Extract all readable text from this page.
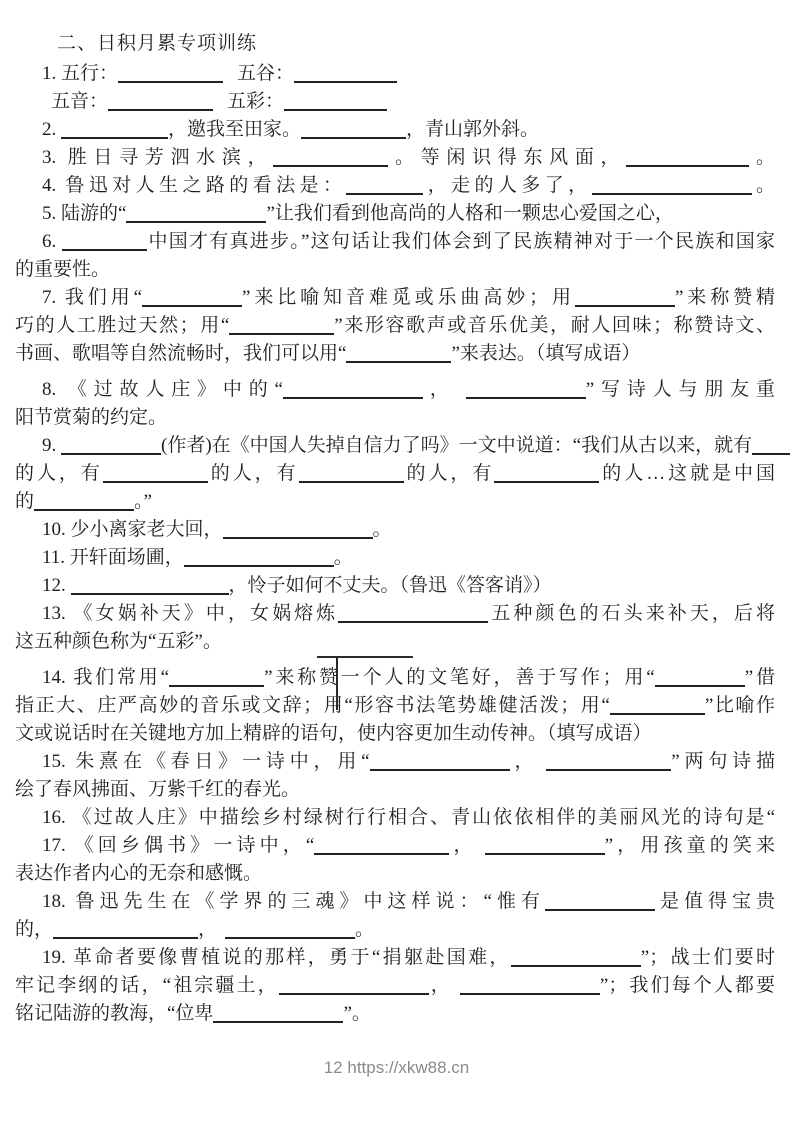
二、日积月累专项训练
1. 五行：	五谷：
五音：	五彩：
2.	，邀我至田家。	，青山郭外斜。
3. 胜日寻芳泗水滨，	。等闲识得东风面，	。
4. 鲁迅对人生之路的看法是：	，走的人多了，	。
5. 陆游的“	”让我们看到他高尚的人格和一颗忠心爱国之心，
6.	中国才有真进步。”这句话让我们体会到了民族精神对于一个民族和国家
的重要性。
7. 我们用“	”来比喻知音难觅或乐曲高妙；用	”来称赞精
巧的人工胜过天然；用“	”来形容歌声或音乐优美，耐人回味；称赞诗文、
书画、歌唱等自然流畅时，我们可以用“	”来表达。（填写成语）
8. 《过故人庄》中的“	，	”写诗人与朋友重
阳节赏菊的约定。
9.	(作者)在《中国人失掉自信力了吗》一文中说道：“我们从古以来，就有
的人，有	的人，有	的人，有	的人…这就是中国
的	。”
10. 少小离家老大回，	。
11. 开轩面场圃，	。
12.	，怜子如何不丈夫。（鲁迅《答客诮》）
13. 《女娲补天》中，女娲熔炼	五种颜色的石头来补天，后将
这五种颜色称为“五彩”。
14. 我们常用“	”来称赞一个人的文笔好，善于写作；用“	”借
指正大、庄严高妙的音乐或文辞；用“形容书法笔势雄健活泼；用“	”比喻作
文或说话时在关键地方加上精辟的语句，使内容更加生动传神。（填写成语）
15. 朱熹在《春日》一诗中，用“	，	”两句诗描
绘了春风拂面、万紫千红的春光。
16. 《过故人庄》中描绘乡村绿树行行相合、青山依依相伴的美丽风光的诗句是“
17. 《回乡偶书》一诗中，“	，	”，用孩童的笑来
表达作者内心的无奈和感慨。
18. 鲁迅先生在《学界的三魂》中这样说：“惟有	是值得宝贵
的，	，	。
19. 革命者要像曹植说的那样，勇于“捐躯赴国难，	”；战士们要时
牢记李纲的话，“祖宗疆土，	，	”；我们每个人都要
铭记陆游的教海，“位卑	”。
12 https://xkw88.cn
